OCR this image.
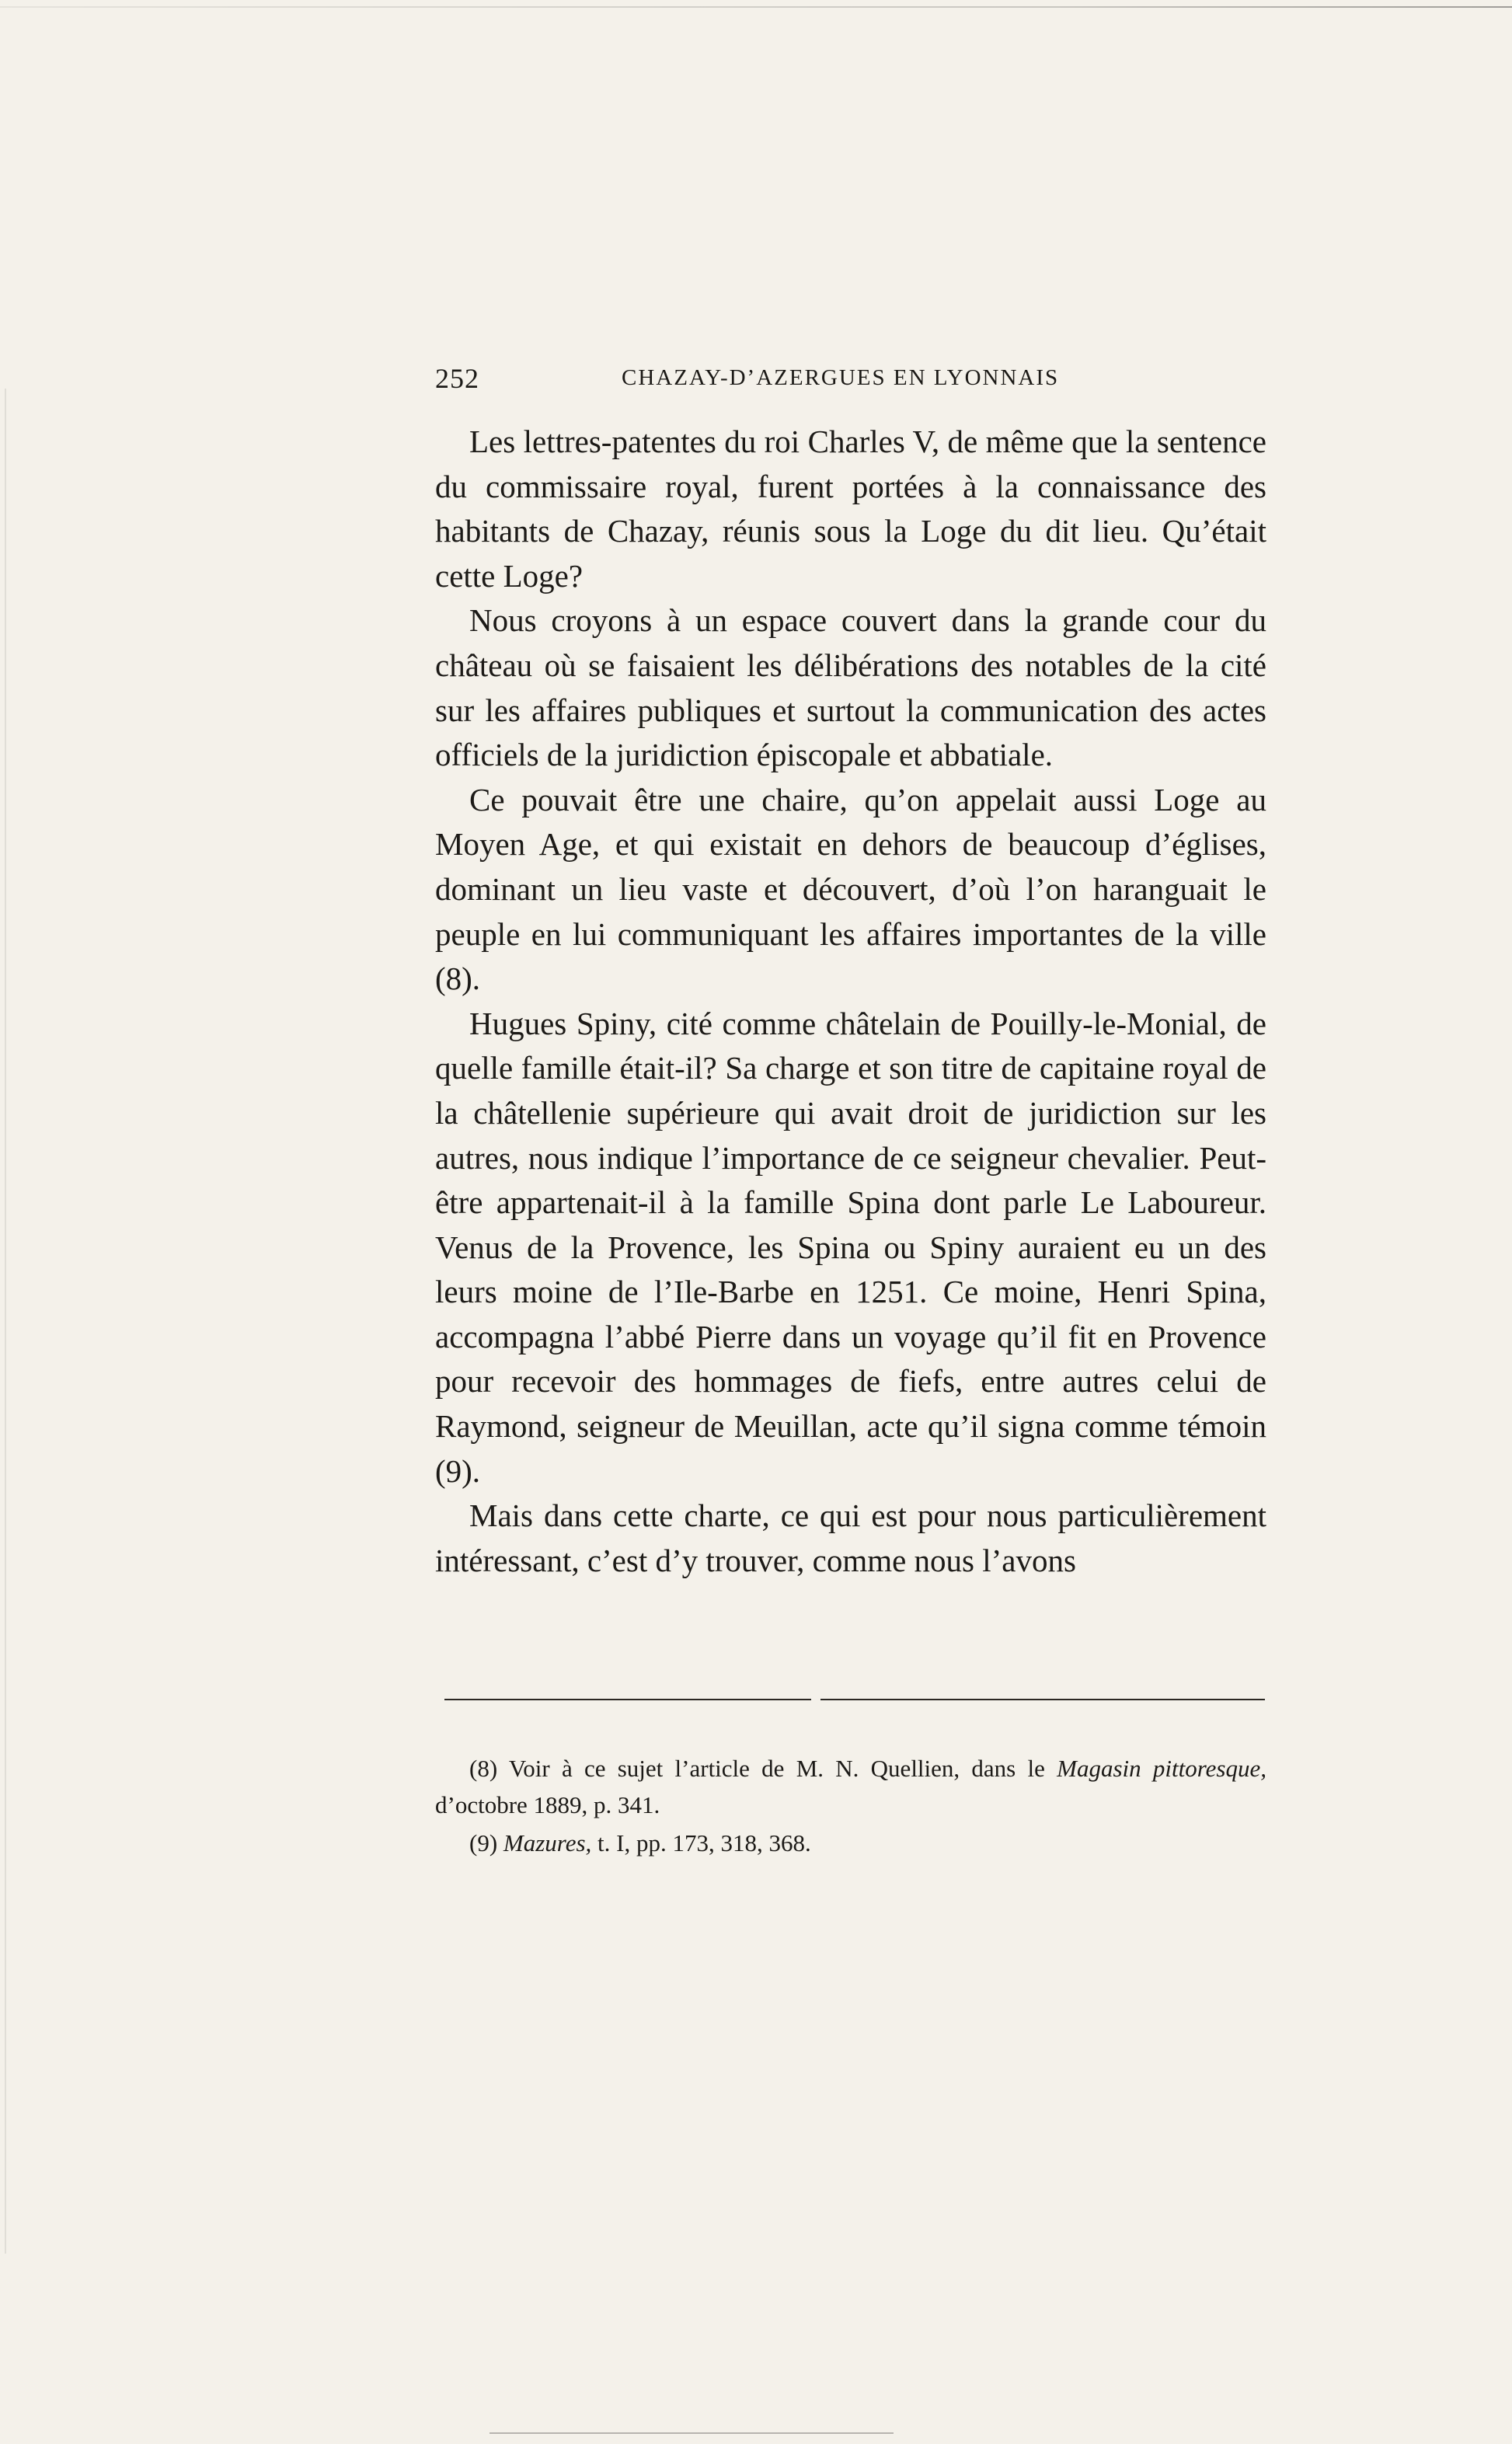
252	CHAZAY-D’AZERGUES EN LYONNAIS

Les lettres-patentes du roi Charles V, de même que la sentence du commissaire royal, furent portées à la connaissance des habitants de Chazay, réunis sous la Loge du dit lieu. Qu’était cette Loge?

Nous croyons à un espace couvert dans la grande cour du château où se faisaient les délibérations des notables de la cité sur les affaires publiques et surtout la communication des actes officiels de la juridiction épiscopale et abbatiale.

Ce pouvait être une chaire, qu’on appelait aussi Loge au Moyen Age, et qui existait en dehors de beaucoup d’églises, dominant un lieu vaste et découvert, d’où l’on haranguait le peuple en lui communiquant les affaires importantes de la ville (8).

Hugues Spiny, cité comme châtelain de Pouilly-le-Monial, de quelle famille était-il? Sa charge et son titre de capitaine royal de la châtellenie supérieure qui avait droit de juridiction sur les autres, nous indique l’importance de ce seigneur chevalier. Peut-être appartenait-il à la famille Spina dont parle Le Laboureur. Venus de la Provence, les Spina ou Spiny auraient eu un des leurs moine de l’Ile-Barbe en 1251. Ce moine, Henri Spina, accompagna l’abbé Pierre dans un voyage qu’il fit en Provence pour recevoir des hommages de fiefs, entre autres celui de Raymond, seigneur de Meuillan, acte qu’il signa comme témoin (9).

Mais dans cette charte, ce qui est pour nous particulièrement intéressant, c’est d’y trouver, comme nous l’avons

(8) Voir à ce sujet l’article de M. N. Quellien, dans le Magasin pittoresque, d’octobre 1889, p. 341.

(9) Mazures, t. I, pp. 173, 318, 368.
